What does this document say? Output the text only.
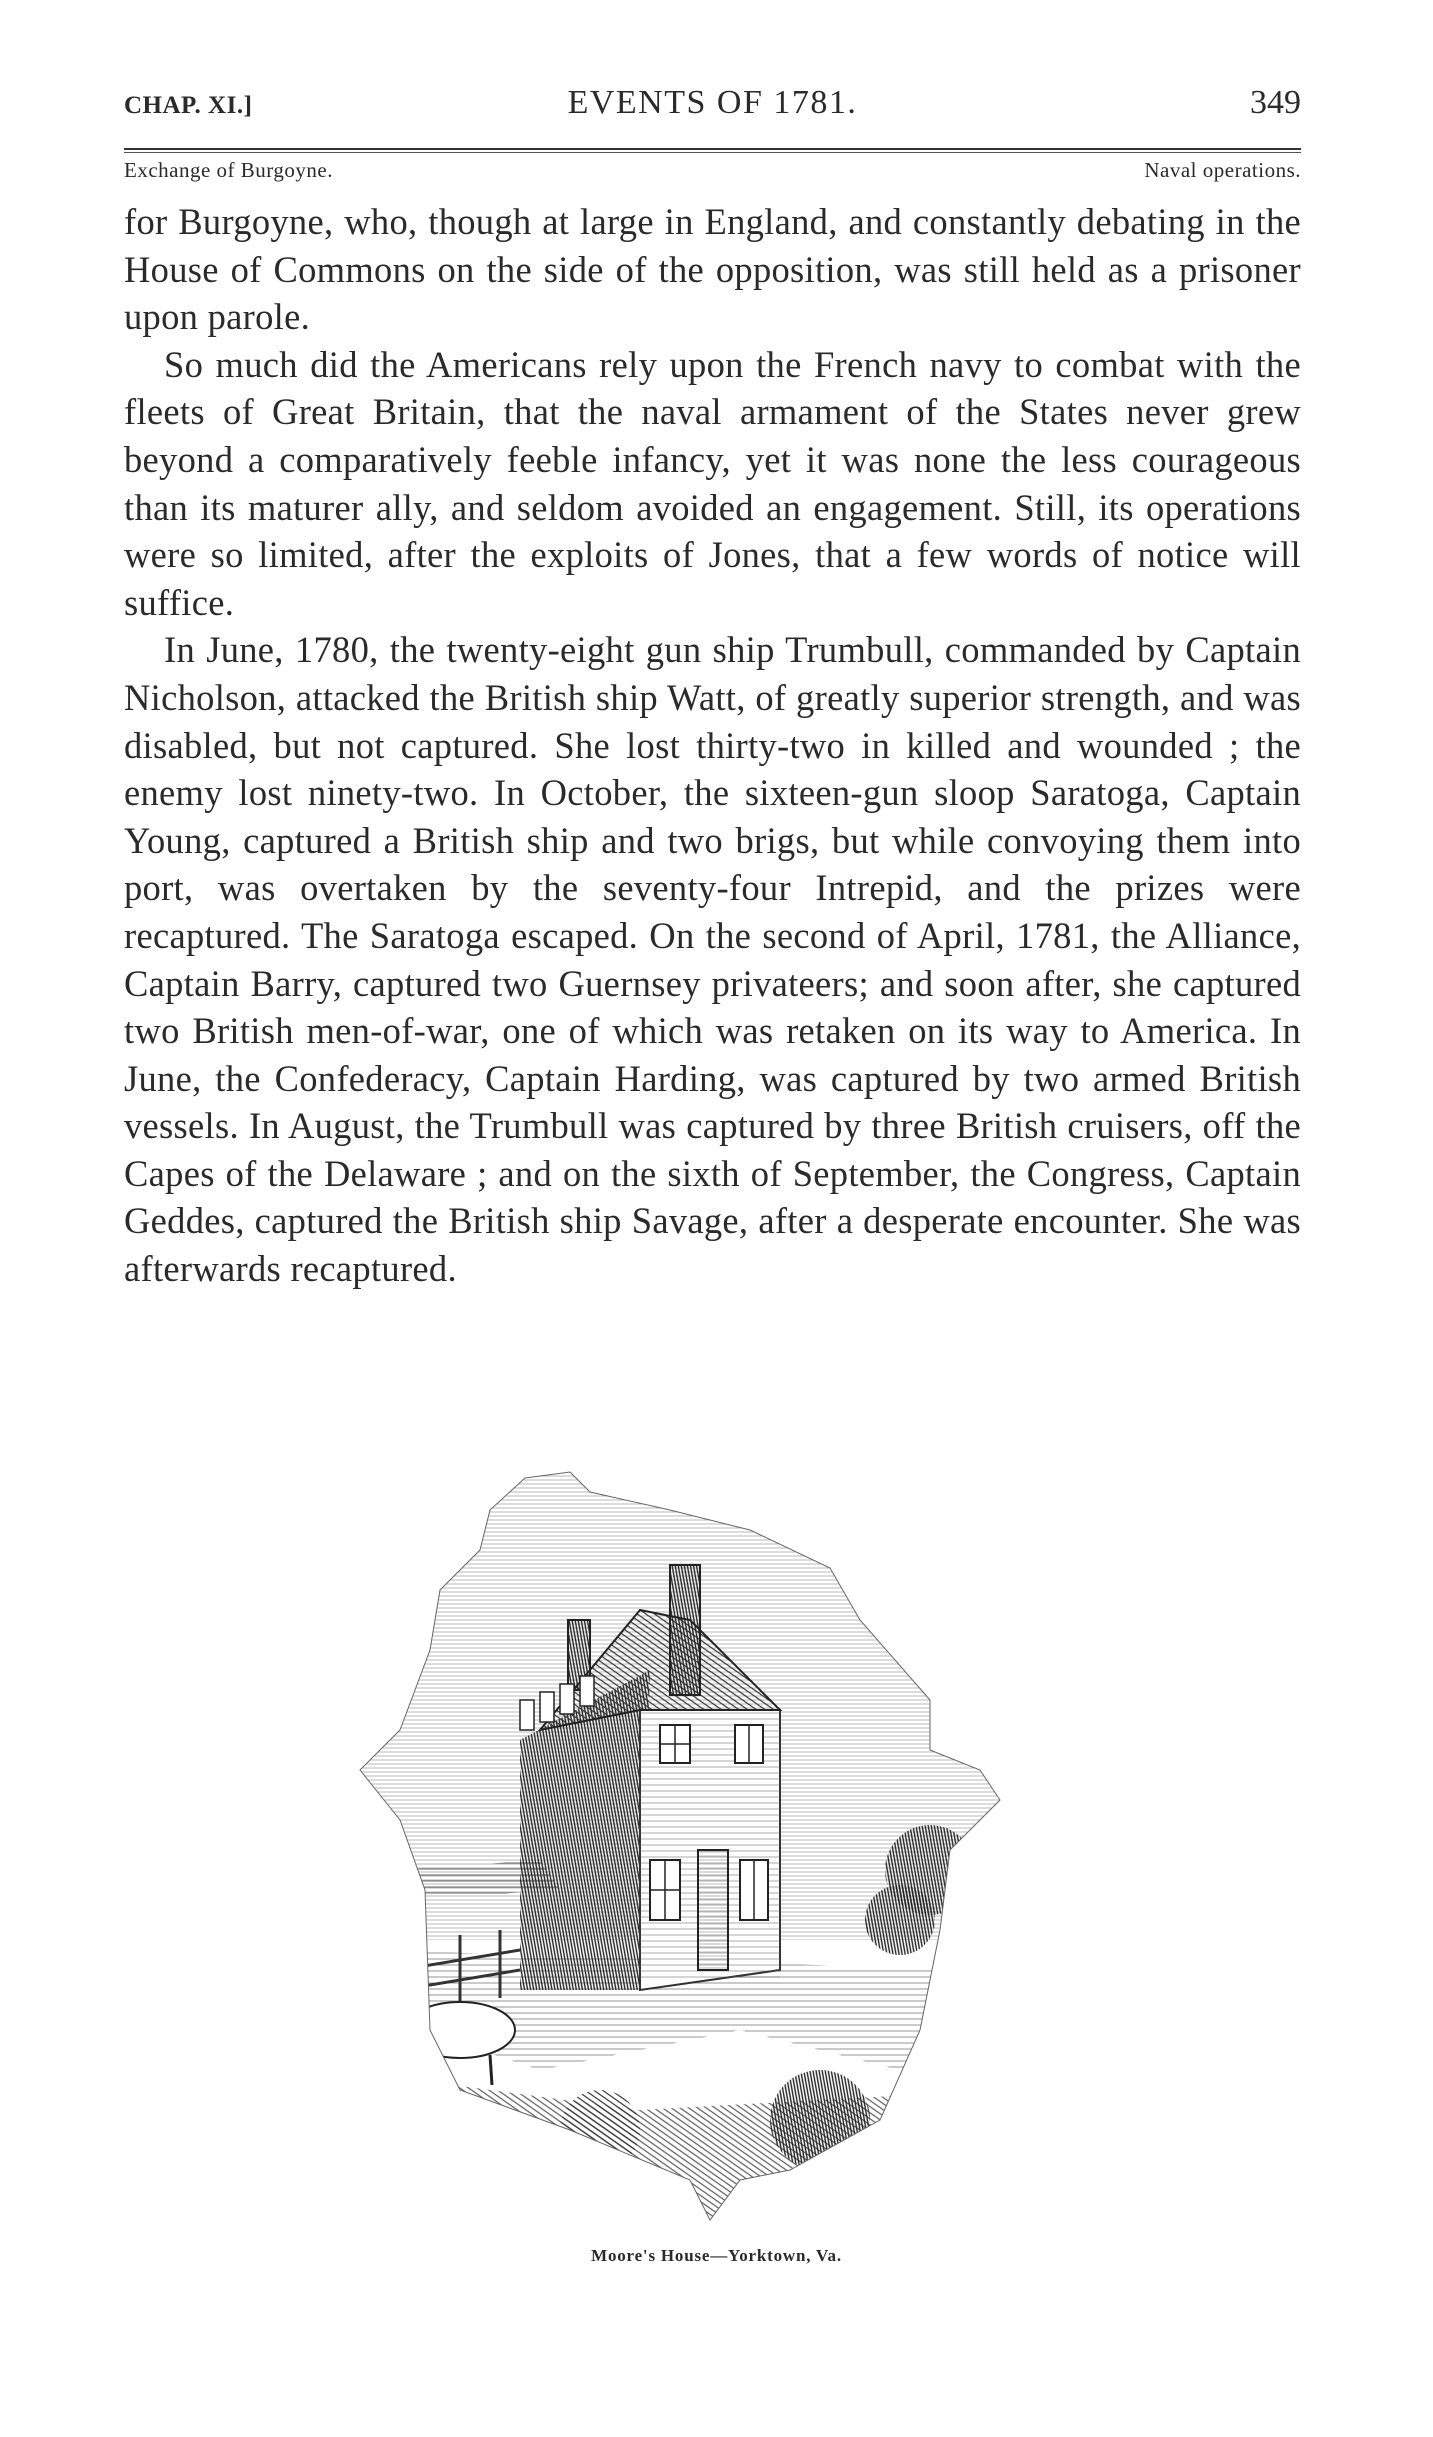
CHAP. XI.]	EVENTS OF 1781.	349
Exchange of Burgoyne.	Naval operations.

for Burgoyne, who, though at large in England, and constantly debating in the House of Commons on the side of the opposition, was still held as a prisoner upon parole.

So much did the Americans rely upon the French navy to combat with the fleets of Great Britain, that the naval armament of the States never grew beyond a comparatively feeble infancy, yet it was none the less courageous than its maturer ally, and seldom avoided an engagement. Still, its operations were so limited, after the exploits of Jones, that a few words of notice will suffice.

In June, 1780, the twenty-eight gun ship Trumbull, commanded by Captain Nicholson, attacked the British ship Watt, of greatly superior strength, and was disabled, but not captured. She lost thirty-two in killed and wounded ; the enemy lost ninety-two. In October, the sixteen-gun sloop Saratoga, Captain Young, captured a British ship and two brigs, but while convoying them into port, was overtaken by the seventy-four Intrepid, and the prizes were recaptured. The Saratoga escaped. On the second of April, 1781, the Alliance, Captain Barry, captured two Guernsey privateers; and soon after, she captured two British men-of-war, one of which was retaken on its way to America. In June, the Confederacy, Captain Harding, was captured by two armed British vessels. In August, the Trumbull was captured by three British cruisers, off the Capes of the Delaware ; and on the sixth of September, the Congress, Captain Geddes, captured the British ship Savage, after a desperate encounter. She was afterwards recaptured.

Moore's House—Yorktown, Va.
